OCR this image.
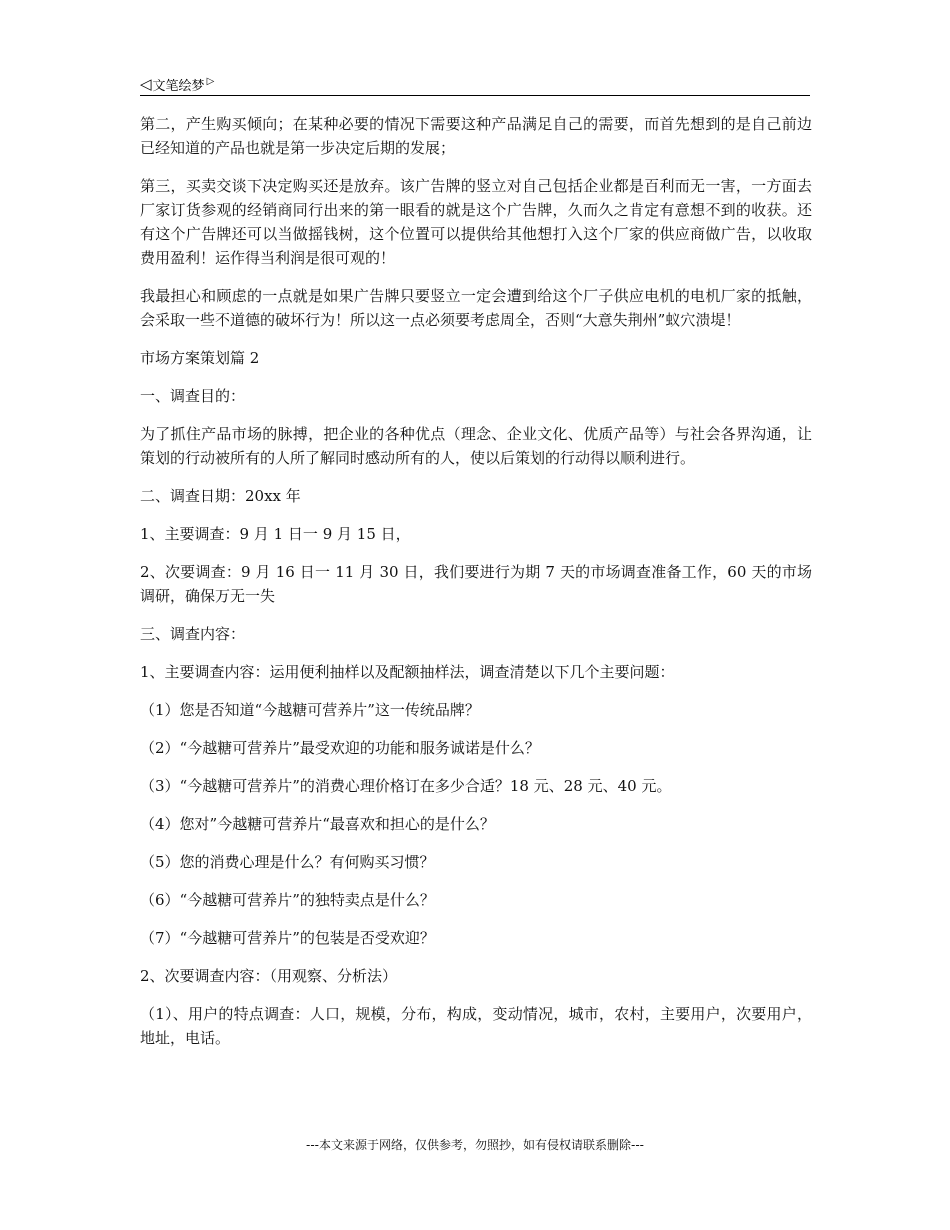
◁ 文笔绘梦 ▷

第二，产生购买倾向；在某种必要的情况下需要这种产品满足自己的需要，而首先想到的是自己前边已经知道的产品也就是第一步决定后期的发展；

第三，买卖交谈下决定购买还是放弃。该广告牌的竖立对自己包括企业都是百利而无一害，一方面去厂家订货参观的经销商同行出来的第一眼看的就是这个广告牌，久而久之肯定有意想不到的收获。还有这个广告牌还可以当做摇钱树，这个位置可以提供给其他想打入这个厂家的供应商做广告，以收取费用盈利！运作得当利润是很可观的！

我最担心和顾虑的一点就是如果广告牌只要竖立一定会遭到给这个厂子供应电机的电机厂家的抵触，会采取一些不道德的破坏行为！所以这一点必须要考虑周全，否则“大意失荆州”蚁穴溃堤！

市场方案策划篇 2

一、调查目的：

为了抓住产品市场的脉搏，把企业的各种优点（理念、企业文化、优质产品等）与社会各界沟通，让策划的行动被所有的人所了解同时感动所有的人，使以后策划的行动得以顺利进行。

二、调查日期：20xx 年

1、主要调查：9 月 1 日一 9 月 15 日，

2、次要调查：9 月 16 日一 11 月 30 日，我们要进行为期 7 天的市场调查准备工作，60 天的市场调研，确保万无一失

三、调查内容：

1、主要调查内容：运用便利抽样以及配额抽样法，调查清楚以下几个主要问题：

（1）您是否知道“今越糖可营养片”这一传统品牌？

（2）“今越糖可营养片”最受欢迎的功能和服务诚诺是什么？

（3）“今越糖可营养片”的消费心理价格订在多少合适？18 元、28 元、40 元。

（4）您对”今越糖可营养片“最喜欢和担心的是什么？

（5）您的消费心理是什么？有何购买习惯？

（6）“今越糖可营养片”的独特卖点是什么？

（7）“今越糖可营养片”的包装是否受欢迎？

2、次要调查内容：（用观察、分析法）

（1）、用户的特点调查：人口，规模，分布，构成，变动情况，城市，农村，主要用户，次要用户，地址，电话。

---本文来源于网络，仅供参考，勿照抄，如有侵权请联系删除---
